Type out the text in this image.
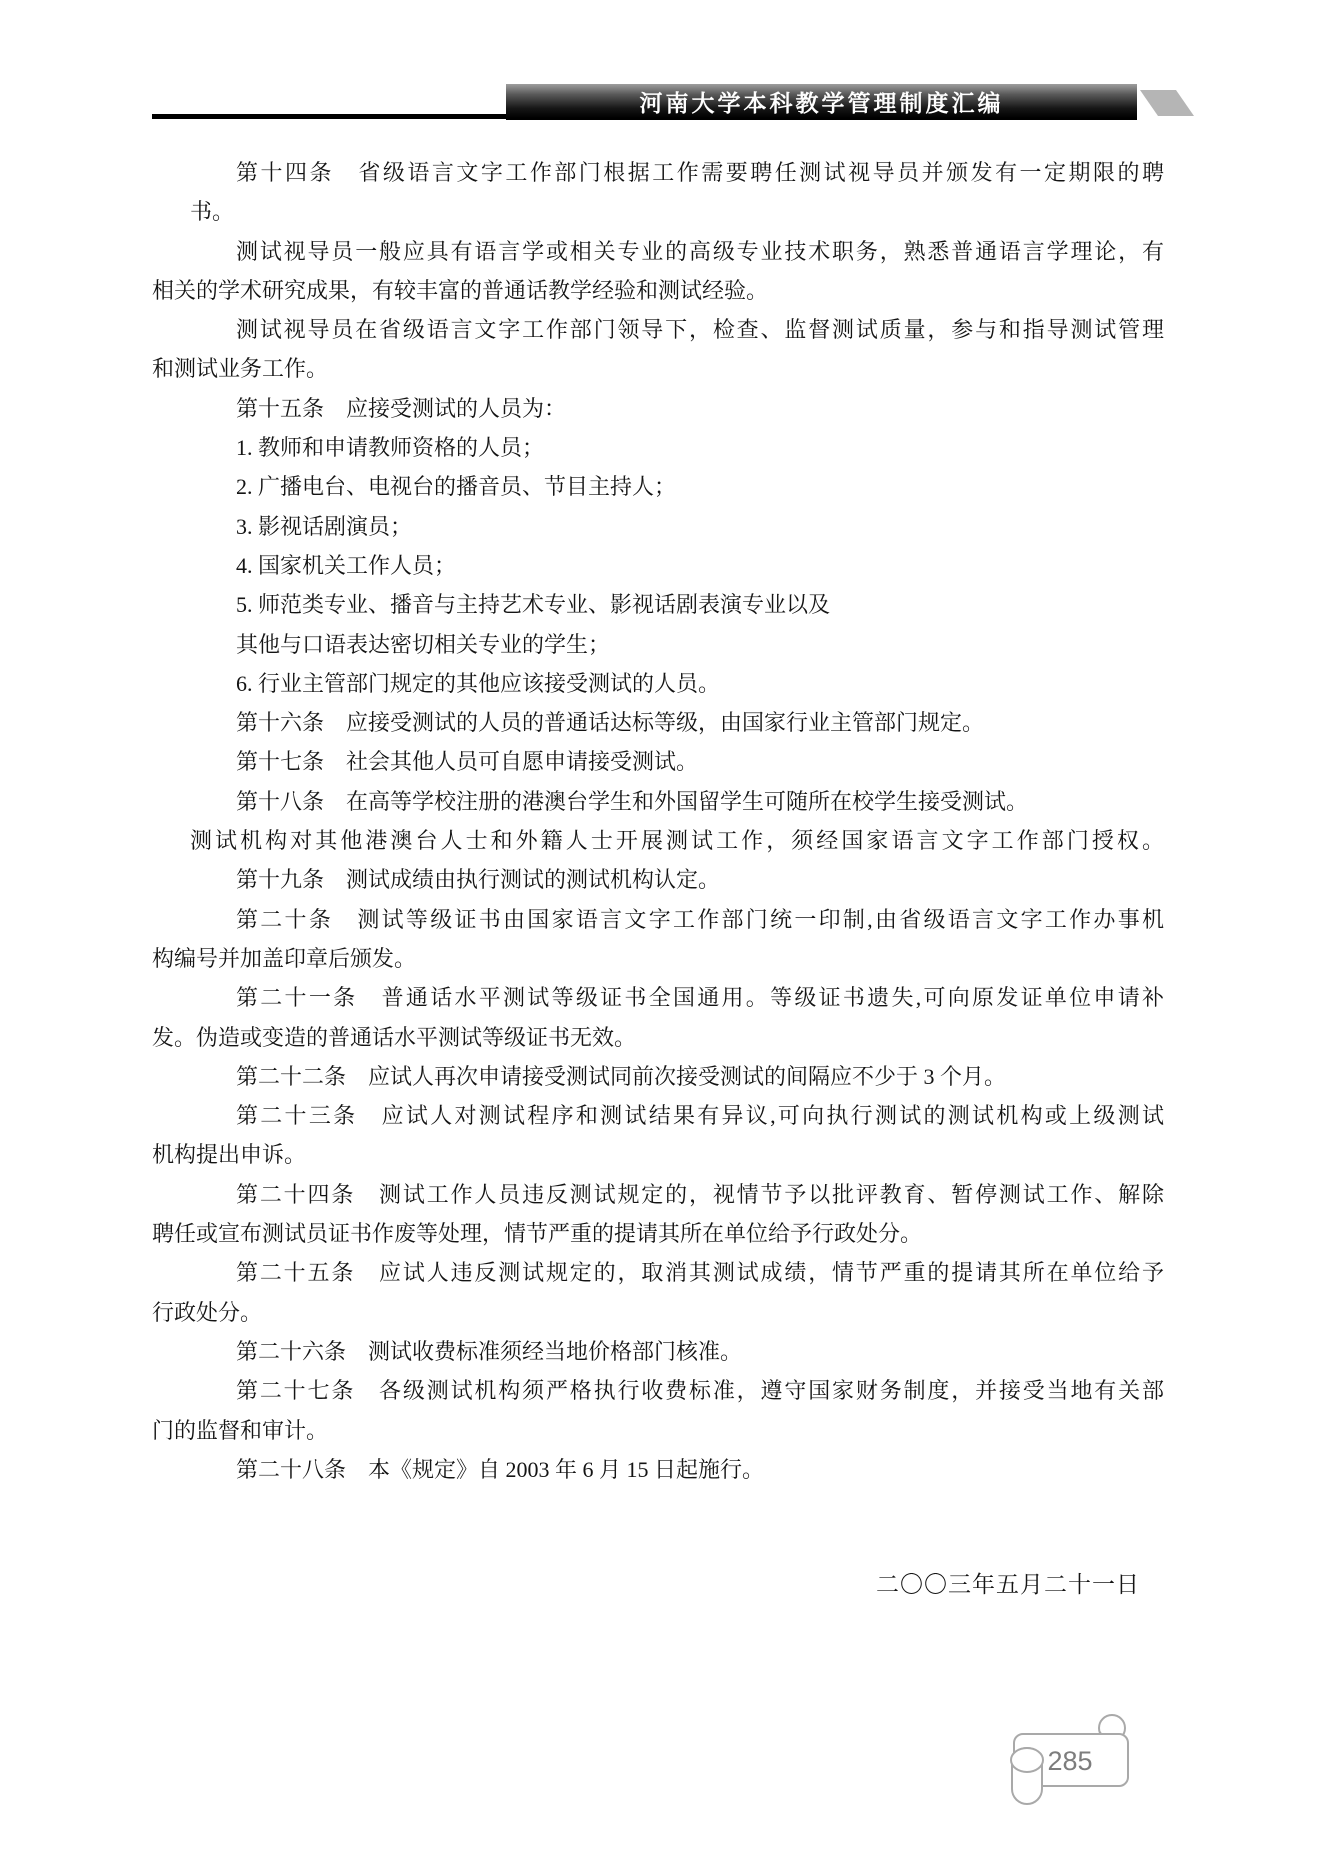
河南大学本科教学管理制度汇编
第十四条　省级语言文字工作部门根据工作需要聘任测试视导员并颁发有一定期限的聘
书。
测试视导员一般应具有语言学或相关专业的高级专业技术职务，熟悉普通语言学理论，有
相关的学术研究成果，有较丰富的普通话教学经验和测试经验。
测试视导员在省级语言文字工作部门领导下，检查、监督测试质量，参与和指导测试管理
和测试业务工作。
第十五条　应接受测试的人员为：
1. 教师和申请教师资格的人员；
2. 广播电台、电视台的播音员、节目主持人；
3. 影视话剧演员；
4. 国家机关工作人员；
5. 师范类专业、播音与主持艺术专业、影视话剧表演专业以及
其他与口语表达密切相关专业的学生；
6. 行业主管部门规定的其他应该接受测试的人员。
第十六条　应接受测试的人员的普通话达标等级，由国家行业主管部门规定。
第十七条　社会其他人员可自愿申请接受测试。
第十八条　在高等学校注册的港澳台学生和外国留学生可随所在校学生接受测试。
测试机构对其他港澳台人士和外籍人士开展测试工作，须经国家语言文字工作部门授权。
第十九条　测试成绩由执行测试的测试机构认定。
第二十条　测试等级证书由国家语言文字工作部门统一印制,由省级语言文字工作办事机
构编号并加盖印章后颁发。
第二十一条　普通话水平测试等级证书全国通用。等级证书遗失,可向原发证单位申请补
发。伪造或变造的普通话水平测试等级证书无效。
第二十二条　应试人再次申请接受测试同前次接受测试的间隔应不少于 3 个月。
第二十三条　应试人对测试程序和测试结果有异议,可向执行测试的测试机构或上级测试
机构提出申诉。
第二十四条　测试工作人员违反测试规定的，视情节予以批评教育、暂停测试工作、解除
聘任或宣布测试员证书作废等处理，情节严重的提请其所在单位给予行政处分。
第二十五条　应试人违反测试规定的，取消其测试成绩，情节严重的提请其所在单位给予
行政处分。
第二十六条　测试收费标准须经当地价格部门核准。
第二十七条　各级测试机构须严格执行收费标准，遵守国家财务制度，并接受当地有关部
门的监督和审计。
第二十八条　本《规定》自 2003 年 6 月 15 日起施行。
二〇〇三年五月二十一日
285
